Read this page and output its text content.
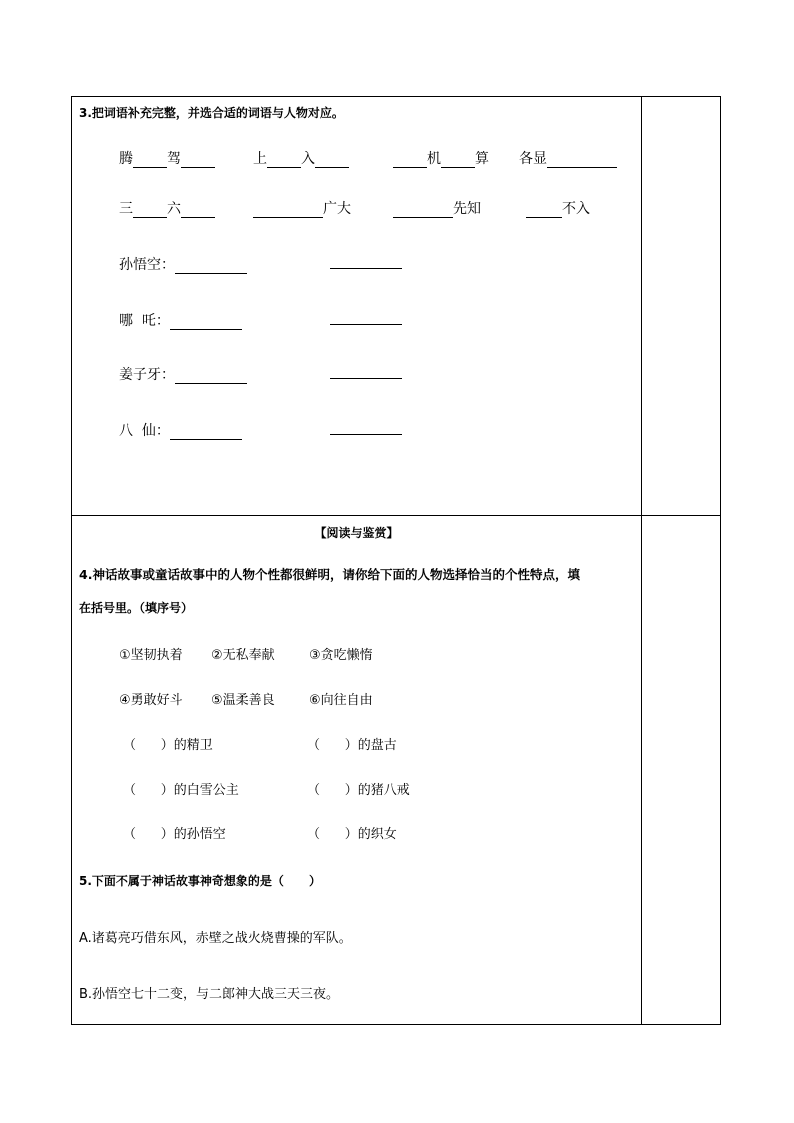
3.把词语补充完整，并选合适的词语与人物对应。
腾 驾	上 入	机 算 各显
三 六	广大	先知	不入
孙悟空：
哪  吒：
姜子牙：
八  仙：
【阅读与鉴赏】
4.神话故事或童话故事中的人物个性都很鲜明，请你给下面的人物选择恰当的个性特点，填
在括号里。（填序号）
①坚韧执着 ②无私奉献	③贪吃懒惰
④勇敢好斗 ⑤温柔善良	⑥向往自由
（      ）的精卫	（      ）的盘古
（      ）的白雪公主	（      ）的猪八戒
（      ）的孙悟空	（      ）的织女
5.下面不属于神话故事神奇想象的是（      ）
A.诸葛亮巧借东风，赤壁之战火烧曹操的军队。
B.孙悟空七十二变，与二郎神大战三天三夜。
